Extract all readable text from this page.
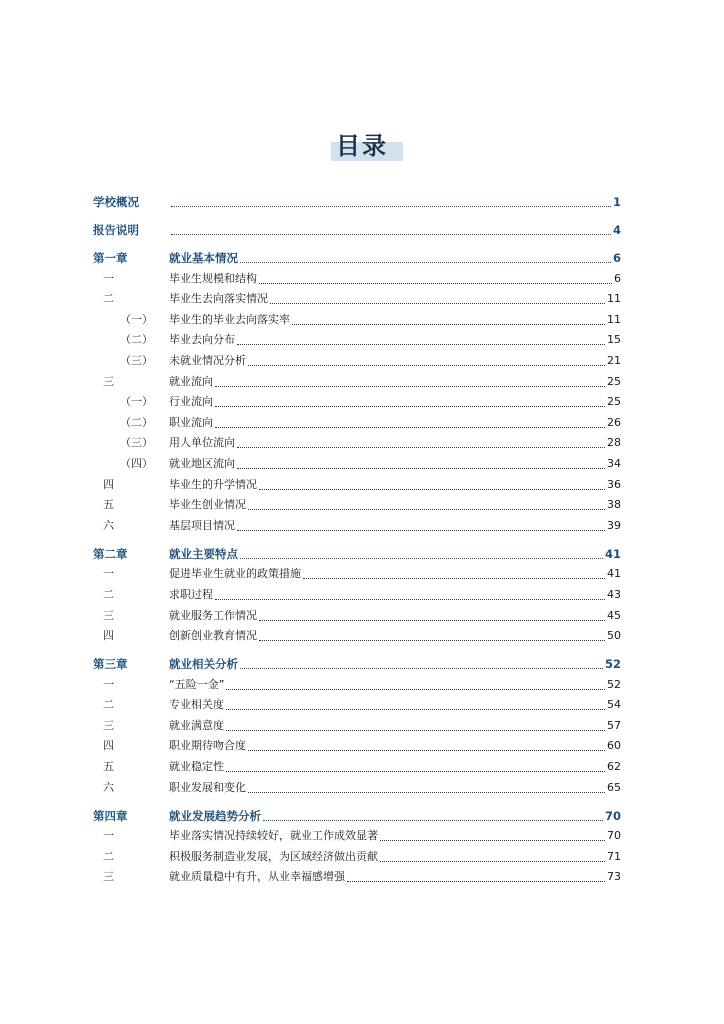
目录
学校概况	1
报告说明	4
第一章	就业基本情况	6
一	毕业生规模和结构	6
二	毕业生去向落实情况	11
（一）	毕业生的毕业去向落实率	11
（二）	毕业去向分布	15
（三）	未就业情况分析	21
三	就业流向	25
（一）	行业流向	25
（二）	职业流向	26
（三）	用人单位流向	28
（四）	就业地区流向	34
四	毕业生的升学情况	36
五	毕业生创业情况	38
六	基层项目情况	39
第二章	就业主要特点	41
一	促进毕业生就业的政策措施	41
二	求职过程	43
三	就业服务工作情况	45
四	创新创业教育情况	50
第三章	就业相关分析	52
一	“五险一金”	52
二	专业相关度	54
三	就业满意度	57
四	职业期待吻合度	60
五	就业稳定性	62
六	职业发展和变化	65
第四章	就业发展趋势分析	70
一	毕业落实情况持续较好，就业工作成效显著	70
二	积极服务制造业发展，为区域经济做出贡献	71
三	就业质量稳中有升，从业幸福感增强	73
